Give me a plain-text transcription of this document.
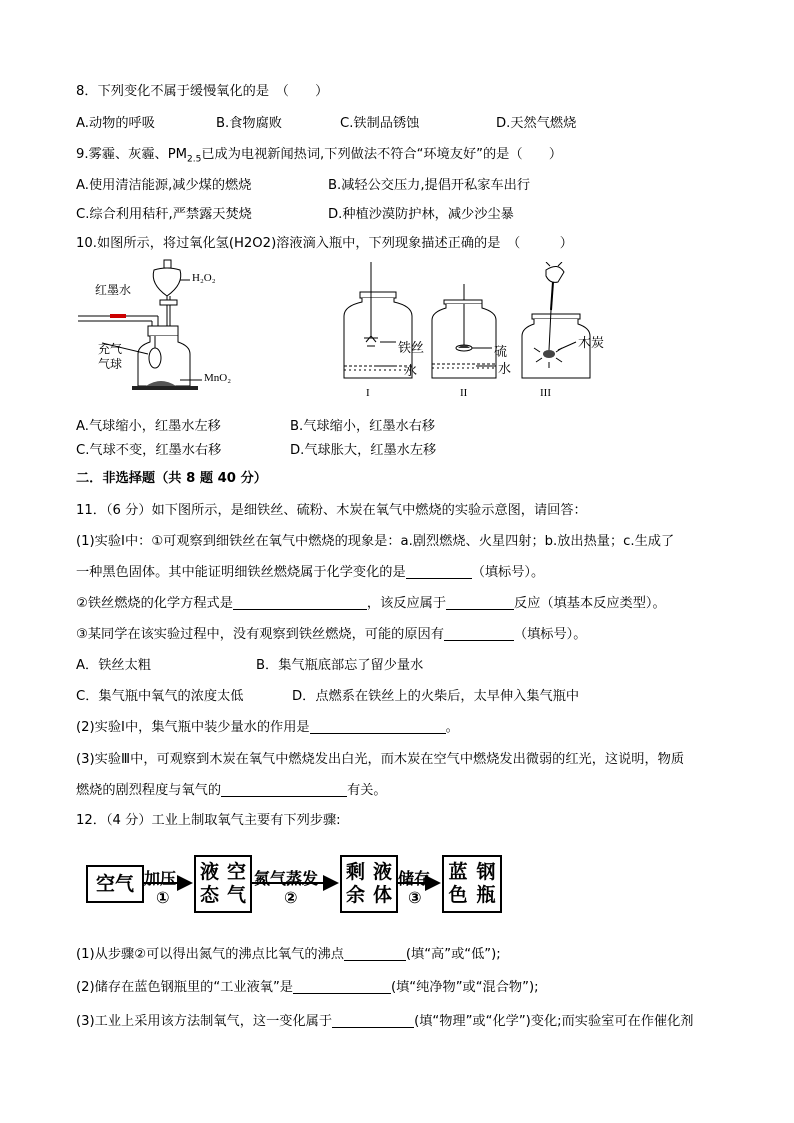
8．下列变化不属于缓慢氧化的是　（　　）
A.动物的呼吸	B.食物腐败	C.铁制品锈蚀	D.天然气燃烧
9.雾霾、灰霾、$PM_{2.5}$已成为电视新闻热词,下列做法不符合“环境友好”的是（　　）
A.使用清洁能源,减少煤的燃烧	B.减轻公交压力,提倡开私家车出行
C.综合利用秸秆,严禁露天焚烧	D.种植沙漠防护林，减少沙尘暴
10.如图所示，将过氧化氢(H2O2)溶液滴入瓶中，下列现象描述正确的是　（　　　）
红墨水
H₂O₂
充气
气球
MnO₂
铁丝
水
硫
水
木炭
I	II	III
A.气球缩小，红墨水左移	B.气球缩小，红墨水右移
C.气球不变，红墨水右移	D.气球胀大，红墨水左移
二．非选择题（共 8 题 40 分）
11．（6 分）如下图所示，是细铁丝、硫粉、木炭在氧气中燃烧的实验示意图，请回答：
(1)实验Ⅰ中：①可观察到细铁丝在氧气中燃烧的现象是：a.剧烈燃烧、火星四射；b.放出热量；c.生成了
一种黑色固体。其中能证明细铁丝燃烧属于化学变化的是	（填标号）。
②铁丝燃烧的化学方程式是	，该反应属于	反应（填基本反应类型）。
③某同学在该实验过程中，没有观察到铁丝燃烧，可能的原因有	（填标号）。
A．铁丝太粗	B．集气瓶底部忘了留少量水
C．集气瓶中氧气的浓度太低	D．点燃系在铁丝上的火柴后，太早伸入集气瓶中
(2)实验Ⅰ中，集气瓶中装少量水的作用是	。
(3)实验Ⅲ中，可观察到木炭在氧气中燃烧发出白光，而木炭在空气中燃烧发出微弱的红光，这说明，物质
燃烧的剧烈程度与氧气的	有关。
12．（4 分）工业上制取氧气主要有下列步骤:
空气
液态

空气
剩余

液体
蓝色

钢瓶
加压
①
氮气蒸发
②
储存
③
(1)从步骤②可以得出氮气的沸点比氧气的沸点	(填“高”或“低”);
(2)储存在蓝色钢瓶里的“工业液氧”是	(填“纯净物”或“混合物”);
(3)工业上采用该方法制氧气，这一变化属于	(填“物理”或“化学”)变化;而实验室可在作催化剂
